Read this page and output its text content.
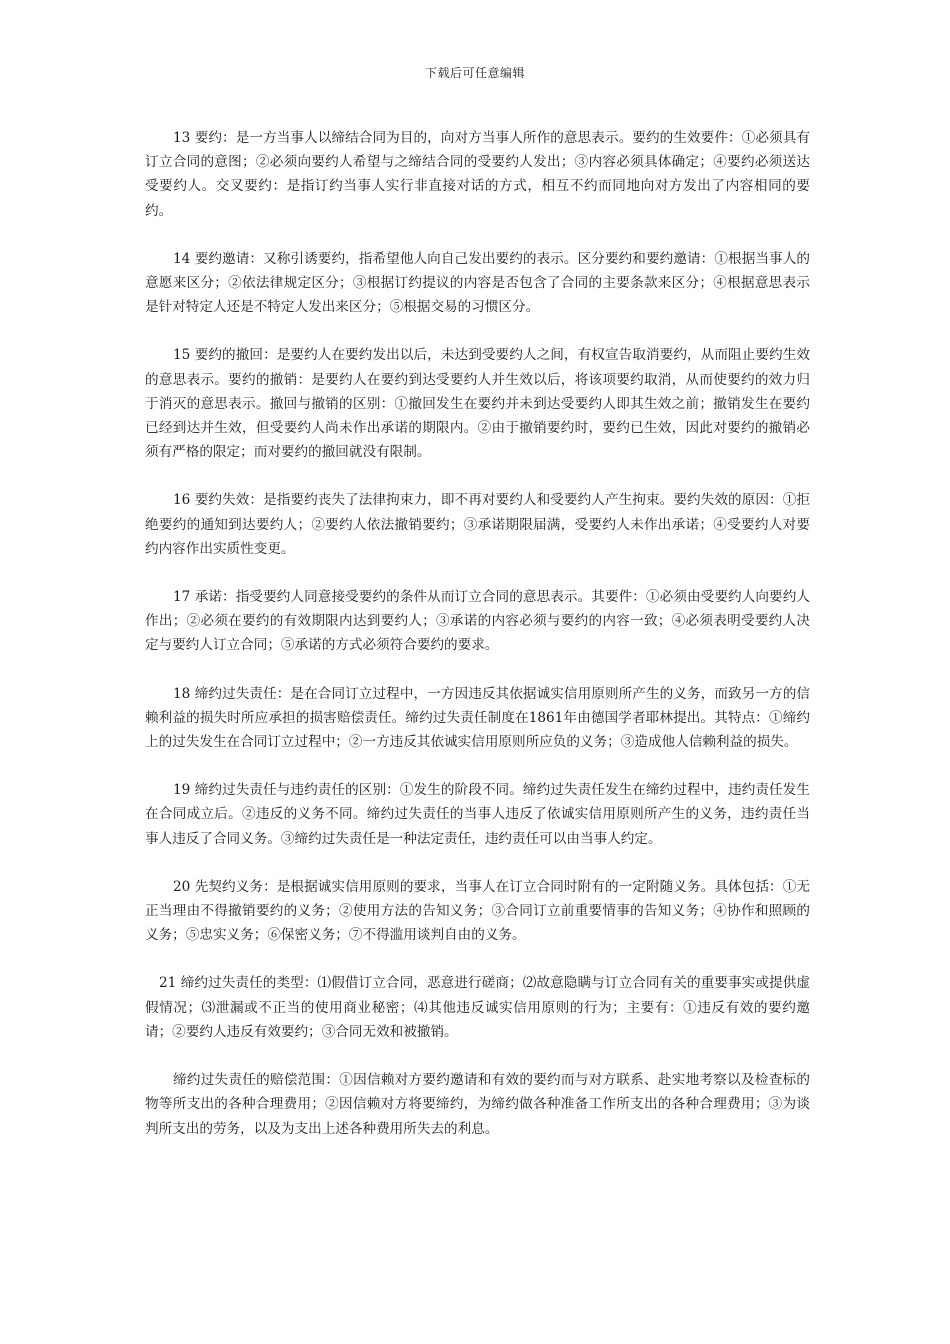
下载后可任意编辑

13 要约：是一方当事人以缔结合同为目的，向对方当事人所作的意思表示。要约的生效要件：①必须具有订立合同的意图；②必须向要约人希望与之缔结合同的受要约人发出；③内容必须具体确定；④要约必须送达受要约人。交叉要约：是指订约当事人实行非直接对话的方式，相互不约而同地向对方发出了内容相同的要约。

14 要约邀请：又称引诱要约，指希望他人向自己发出要约的表示。区分要约和要约邀请：①根据当事人的意愿来区分；②依法律规定区分；③根据订约提议的内容是否包含了合同的主要条款来区分；④根据意思表示是针对特定人还是不特定人发出来区分；⑤根据交易的习惯区分。

15 要约的撤回：是要约人在要约发出以后，未达到受要约人之间，有权宣告取消要约，从而阻止要约生效的意思表示。要约的撤销：是要约人在要约到达受要约人并生效以后，将该项要约取消，从而使要约的效力归于消灭的意思表示。撤回与撤销的区别：①撤回发生在要约并未到达受要约人即其生效之前；撤销发生在要约已经到达并生效，但受要约人尚未作出承诺的期限内。②由于撤销要约时，要约已生效，因此对要约的撤销必须有严格的限定；而对要约的撤回就没有限制。

16 要约失效：是指要约丧失了法律拘束力，即不再对要约人和受要约人产生拘束。要约失效的原因：①拒绝要约的通知到达要约人；②要约人依法撤销要约；③承诺期限届满，受要约人未作出承诺；④受要约人对要约内容作出实质性变更。

17 承诺：指受要约人同意接受要约的条件从而订立合同的意思表示。其要件：①必须由受要约人向要约人作出；②必须在要约的有效期限内达到要约人；③承诺的内容必须与要约的内容一致；④必须表明受要约人决定与要约人订立合同；⑤承诺的方式必须符合要约的要求。

18 缔约过失责任：是在合同订立过程中，一方因违反其依据诚实信用原则所产生的义务，而致另一方的信赖利益的损失时所应承担的损害赔偿责任。缔约过失责任制度在1861年由德国学者耶林提出。其特点：①缔约上的过失发生在合同订立过程中；②一方违反其依诚实信用原则所应负的义务；③造成他人信赖利益的损失。

19 缔约过失责任与违约责任的区别：①发生的阶段不同。缔约过失责任发生在缔约过程中，违约责任发生在合同成立后。②违反的义务不同。缔约过失责任的当事人违反了依诚实信用原则所产生的义务，违约责任当事人违反了合同义务。③缔约过失责任是一种法定责任，违约责任可以由当事人约定。

20 先契约义务：是根据诚实信用原则的要求，当事人在订立合同时附有的一定附随义务。具体包括：①无正当理由不得撤销要约的义务；②使用方法的告知义务；③合同订立前重要情事的告知义务；④协作和照顾的义务；⑤忠实义务；⑥保密义务；⑦不得滥用谈判自由的义务。

21 缔约过失责任的类型：⑴假借订立合同，恶意进行磋商；⑵故意隐瞒与订立合同有关的重要事实或提供虚假情况；⑶泄漏或不正当的使用商业秘密；⑷其他违反诚实信用原则的行为；主要有：①违反有效的要约邀请；②要约人违反有效要约；③合同无效和被撤销。

缔约过失责任的赔偿范围：①因信赖对方要约邀请和有效的要约而与对方联系、赴实地考察以及检查标的物等所支出的各种合理费用；②因信赖对方将要缔约，为缔约做各种准备工作所支出的各种合理费用；③为谈判所支出的劳务，以及为支出上述各种费用所失去的利息。
